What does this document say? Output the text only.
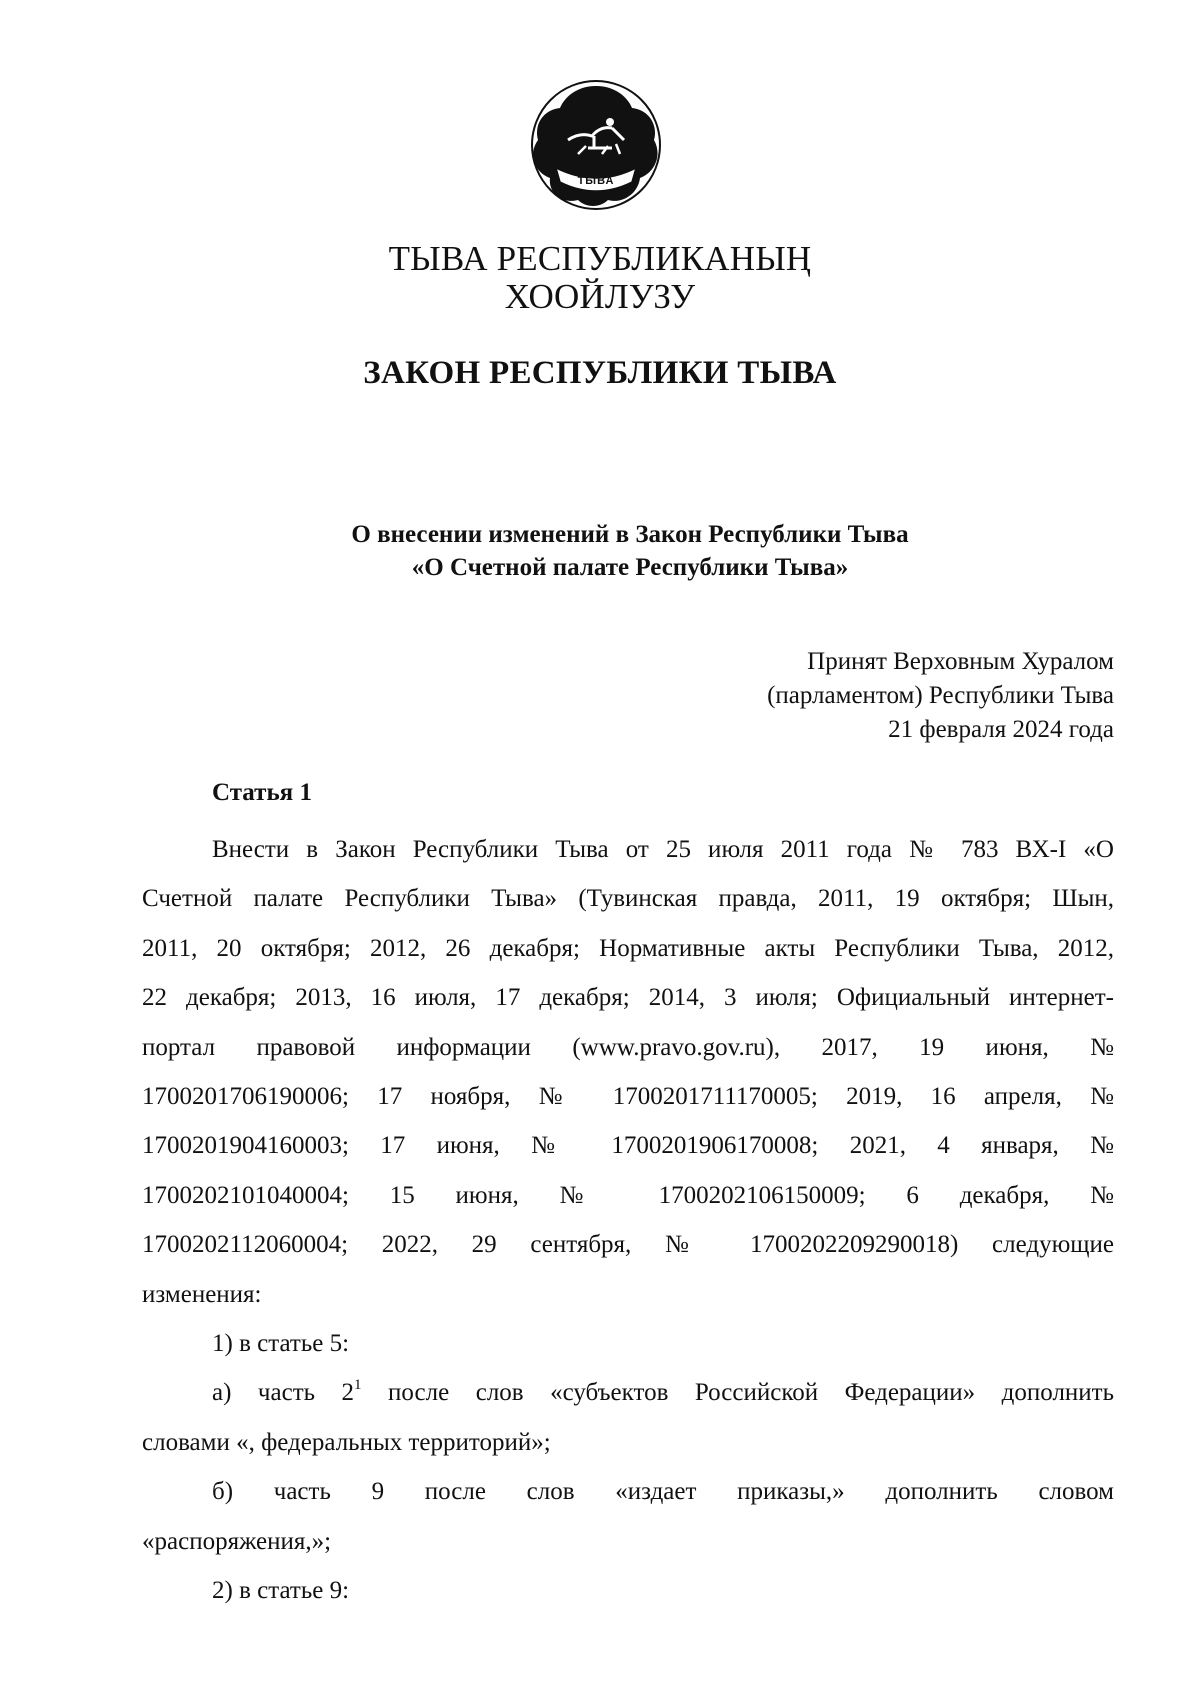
ТЫВА
ТЫВА РЕСПУБЛИКАНЫҢ
ХООЙЛУЗУ
ЗАКОН РЕСПУБЛИКИ ТЫВА
О внесении изменений в Закон Республики Тыва
«О Счетной палате Республики Тыва»
Принят Верховным Хуралом
(парламентом) Республики Тыва
21 февраля 2024 года
Статья 1
Внести в Закон Республики Тыва от 25 июля 2011 года № 783 ВХ-I «О
Счетной палате Республики Тыва» (Тувинская правда, 2011, 19 октября; Шын,
2011, 20 октября; 2012, 26 декабря; Нормативные акты Республики Тыва, 2012,
22 декабря; 2013, 16 июля, 17 декабря; 2014, 3 июля; Официальный интернет-
портал правовой информации (www.pravo.gov.ru), 2017, 19 июня, №
1700201706190006; 17 ноября, № 1700201711170005; 2019, 16 апреля, №
1700201904160003; 17 июня, № 1700201906170008; 2021, 4 января, №
1700202101040004; 15 июня, № 1700202106150009; 6 декабря, №
1700202112060004; 2022, 29 сентября, № 1700202209290018) следующие
изменения:
1) в статье 5:
а) часть $2^1$ после слов «субъектов Российской Федерации» дополнить
словами «, федеральных территорий»;
б) часть 9 после слов «издает приказы,» дополнить словом
«распоряжения,»;
2) в статье 9:
